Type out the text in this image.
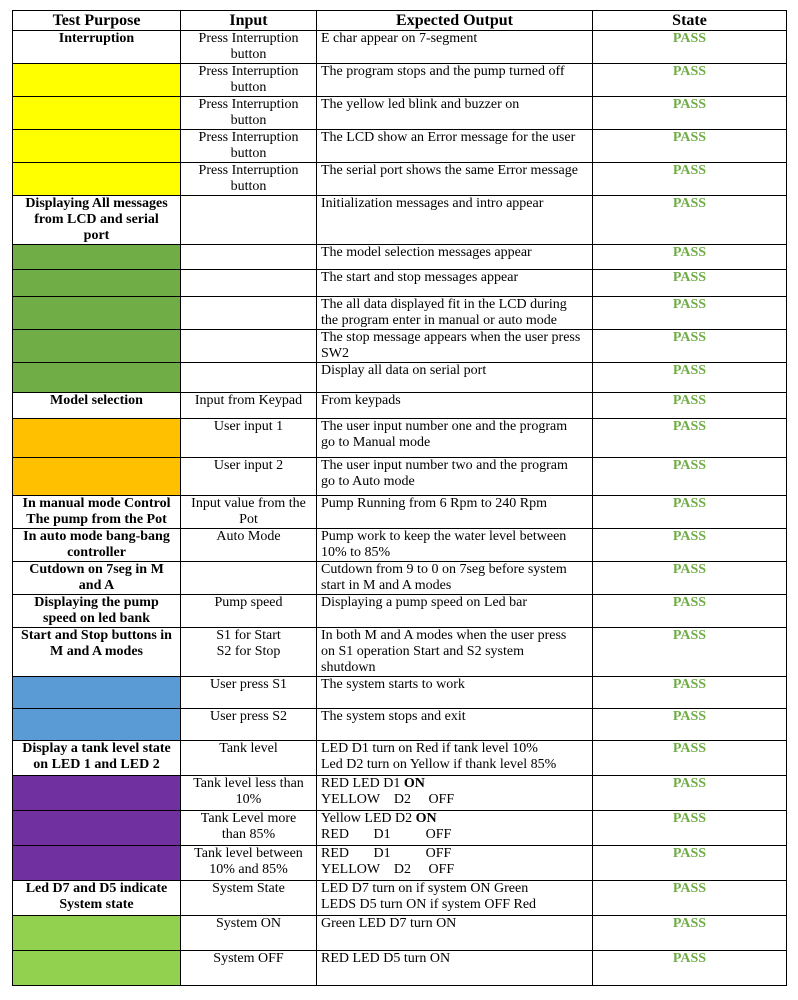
Test Purpose	Input	Expected Output	State

Interruption	Press Interruption
button	E char appear on 7-segment	PASS

	Press Interruption
button	The program stops and the pump turned off	PASS

	Press Interruption
button	The yellow led blink and buzzer on	PASS

	Press Interruption
button	The LCD show an Error message for the user	PASS

	Press Interruption
button	The serial port shows the same Error message	PASS

Displaying All messages
from LCD and serial
port		Initialization messages and intro appear	PASS

		The model selection messages appear	PASS

		The start and stop messages appear	PASS

		The all data displayed fit in the LCD during
the program enter in manual or auto mode	PASS

		The stop message appears when the user press
SW2	PASS

		Display all data on serial port	PASS

Model selection	Input from Keypad	From keypads	PASS

	User input 1	The user input number one and the program
go to Manual mode	PASS

	User input 2	The user input number two and the program
go to Auto mode	PASS

In manual mode Control
The pump from the Pot	Input value from the
Pot	Pump Running from 6 Rpm to 240 Rpm	PASS

In auto mode bang-bang
controller	Auto Mode	Pump work to keep the water level between
10% to 85%	PASS

Cutdown on 7seg in M
and A		Cutdown from 9 to 0 on 7seg before system
start in M and A modes	PASS

Displaying the pump
speed on led bank	Pump speed	Displaying a pump speed on Led bar	PASS

Start and Stop buttons in
M and A modes	S1 for Start
S2 for Stop	In both M and A modes when the user press
on S1 operation Start and S2 system
shutdown	PASS

	User press S1	The system starts to work	PASS

	User press S2	The system stops and exit	PASS

Display a tank level state
on LED 1 and LED 2	Tank level	LED D1 turn on Red if tank level 10%
Led D2 turn on Yellow if thank level 85%	PASS

	Tank level less than
10%	RED LED D1 ON
YELLOW    D2     OFF	PASS

	Tank Level more
than 85%	Yellow LED D2 ON
RED       D1          OFF	PASS

	Tank level between
10% and 85%	RED       D1          OFF
YELLOW    D2     OFF	PASS

Led D7 and D5 indicate
System state	System State	LED D7 turn on if system ON Green
LEDS D5 turn ON if system OFF Red	PASS

	System ON	Green LED D7 turn ON	PASS

	System OFF	RED LED D5 turn ON	PASS
